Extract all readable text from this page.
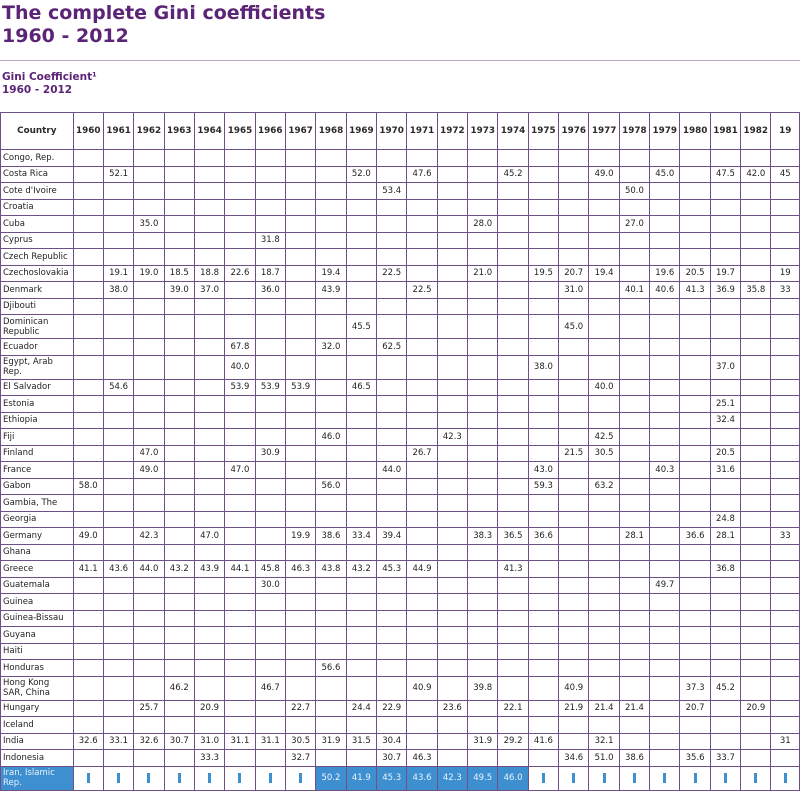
The complete Gini coefficients
1960 - 2012
Gini Coefficient¹
1960 - 2012
Country	1960	1961	1962	1963	1964	1965	1966	1967	1968	1969	1970	1971	1972	1973	1974	1975	1976	1977	1978	1979	1980	1981	1982	19
Congo, Rep.																								
Costa Rica		52.1								52.0		47.6			45.2			49.0		45.0		47.5	42.0	45
Cote d'Ivoire											53.4								50.0					
Croatia																								
Cuba			35.0											28.0					27.0					
Cyprus							31.8																	
Czech Republic																								
Czechoslovakia		19.1	19.0	18.5	18.8	22.6	18.7		19.4		22.5			21.0		19.5	20.7	19.4		19.6	20.5	19.7		19
Denmark		38.0		39.0	37.0		36.0		43.9			22.5					31.0		40.1	40.6	41.3	36.9	35.8	33
Djibouti																								
Dominican Republic										45.5							45.0							
Ecuador						67.8			32.0		62.5													
Egypt, Arab Rep.						40.0										38.0						37.0		
El Salvador		54.6				53.9	53.9	53.9		46.5								40.0						
Estonia																						25.1		
Ethiopia																						32.4		
Fiji									46.0				42.3					42.5						
Finland			47.0				30.9					26.7					21.5	30.5				20.5		
France			49.0			47.0					44.0					43.0				40.3		31.6		
Gabon	58.0								56.0							59.3		63.2						
Gambia, The																								
Georgia																						24.8		
Germany	49.0		42.3		47.0			19.9	38.6	33.4	39.4			38.3	36.5	36.6			28.1		36.6	28.1		33
Ghana																								
Greece	41.1	43.6	44.0	43.2	43.9	44.1	45.8	46.3	43.8	43.2	45.3	44.9			41.3							36.8		
Guatemala							30.0													49.7				
Guinea																								
Guinea-Bissau																								
Guyana																								
Haiti																								
Honduras									56.6															
Hong Kong SAR, China				46.2			46.7					40.9		39.8			40.9				37.3	45.2		
Hungary			25.7		20.9			22.7		24.4	22.9		23.6		22.1		21.9	21.4	21.4		20.7		20.9	
Iceland																								
India	32.6	33.1	32.6	30.7	31.0	31.1	31.1	30.5	31.9	31.5	30.4			31.9	29.2	41.6		32.1						31
Indonesia					33.3			32.7			30.7	46.3					34.6	51.0	38.6		35.6	33.7		
Iran, Islamic Rep.									50.2	41.9	45.3	43.6	42.3	49.5	46.0									
